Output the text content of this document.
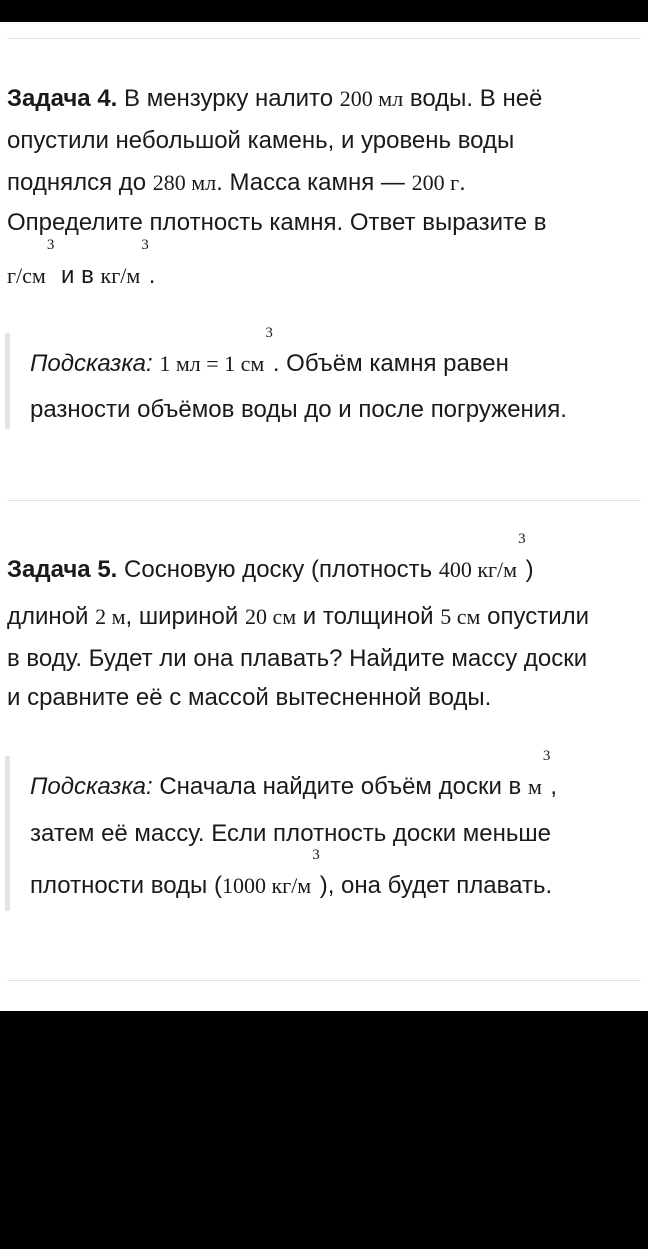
Задача 4. В мензурку налито 200 мл воды. В неё
опустили небольшой камень, и уровень воды
поднялся до 280 мл. Масса камня — 200 г.
Определите плотность камня. Ответ выразите в
$г/см^3$ и в $кг/м^3$.
Подсказка: 1 мл = 1 $см^3$. Объём камня равен
разности объёмов воды до и после погружения.
Задача 5. Сосновую доску (плотность 400 $кг/м^3$)
длиной 2 м, шириной 20 см и толщиной 5 см опустили
в воду. Будет ли она плавать? Найдите массу доски
и сравните её с массой вытесненной воды.
Подсказка: Сначала найдите объём доски в $м^3$,
затем её массу. Если плотность доски меньше
плотности воды (1000 $кг/м^3$), она будет плавать.
